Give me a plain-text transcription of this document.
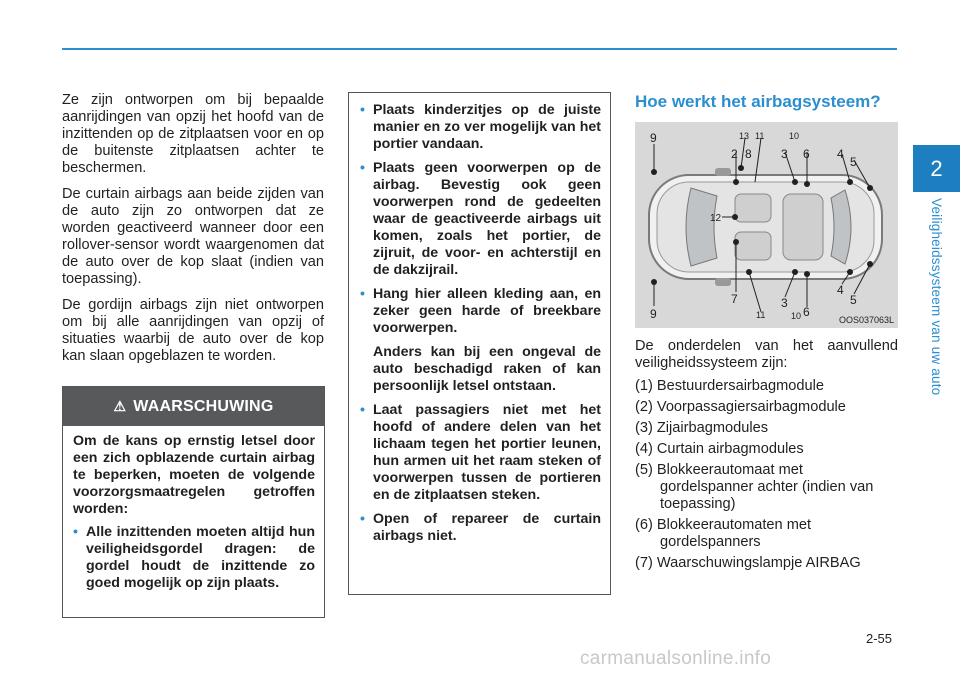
2
Veiligheidssysteem van uw auto

Ze zijn ontworpen om bij bepaalde aanrijdingen van opzij het hoofd van de inzittenden op de zitplaatsen voor en op de buitenste zitplaatsen achter te beschermen.

De curtain airbags aan beide zijden van de auto zijn zo ontworpen dat ze worden geactiveerd wanneer door een rollover-sensor wordt waargenomen dat de auto over de kop slaat (indien van toepassing).

De gordijn airbags zijn niet ontworpen om bij alle aanrijdingen van opzij of situaties waarbij de auto over de kop kan slaan opgeblazen te worden.

⚠ WAARSCHUWING

Om de kans op ernstig letsel door een zich opblazende curtain airbag te beperken, moeten de volgende voorzorgsmaatregelen getroffen worden:

• Alle inzittenden moeten altijd hun veiligheidsgordel dragen: de gordel houdt de inzittende zo goed mogelijk op zijn plaats.
• Plaats kinderzitjes op de juiste manier en zo ver mogelijk van het portier vandaan.
• Plaats geen voorwerpen op de airbag. Bevestig ook geen voorwerpen rond de gedeelten waar de geactiveerde airbags uit komen, zoals het portier, de zijruit, de voor- en achterstijl en de dakzijrail.
• Hang hier alleen kleding aan, en zeker geen harde of breekbare voorwerpen.

Anders kan bij een ongeval de auto beschadigd raken of kan persoonlijk letsel ontstaan.

• Laat passagiers niet met het hoofd of andere delen van het lichaam tegen het portier leunen, hun armen uit het raam steken of voorwerpen tussen de portieren en de zitplaatsen steken.
• Open of repareer de curtain airbags niet.
Hoe werkt het airbagsysteem?
9	13 11	10
2 8 3 6 4
5
12
9
7
11
3
10 6
4
5
OOS037063L

De onderdelen van het aanvullend veiligheidssysteem zijn:

(1) Bestuurdersairbagmodule
(2) Voorpassagiersairbagmodule
(3) Zijairbagmodules
(4) Curtain airbagmodules
(5) Blokkeerautomaat met gordelspanner achter (indien van toepassing)
(6) Blokkeerautomaten met gordelspanners
(7) Waarschuwingslampje AIRBAG
2-55
carmanualsonline.info
